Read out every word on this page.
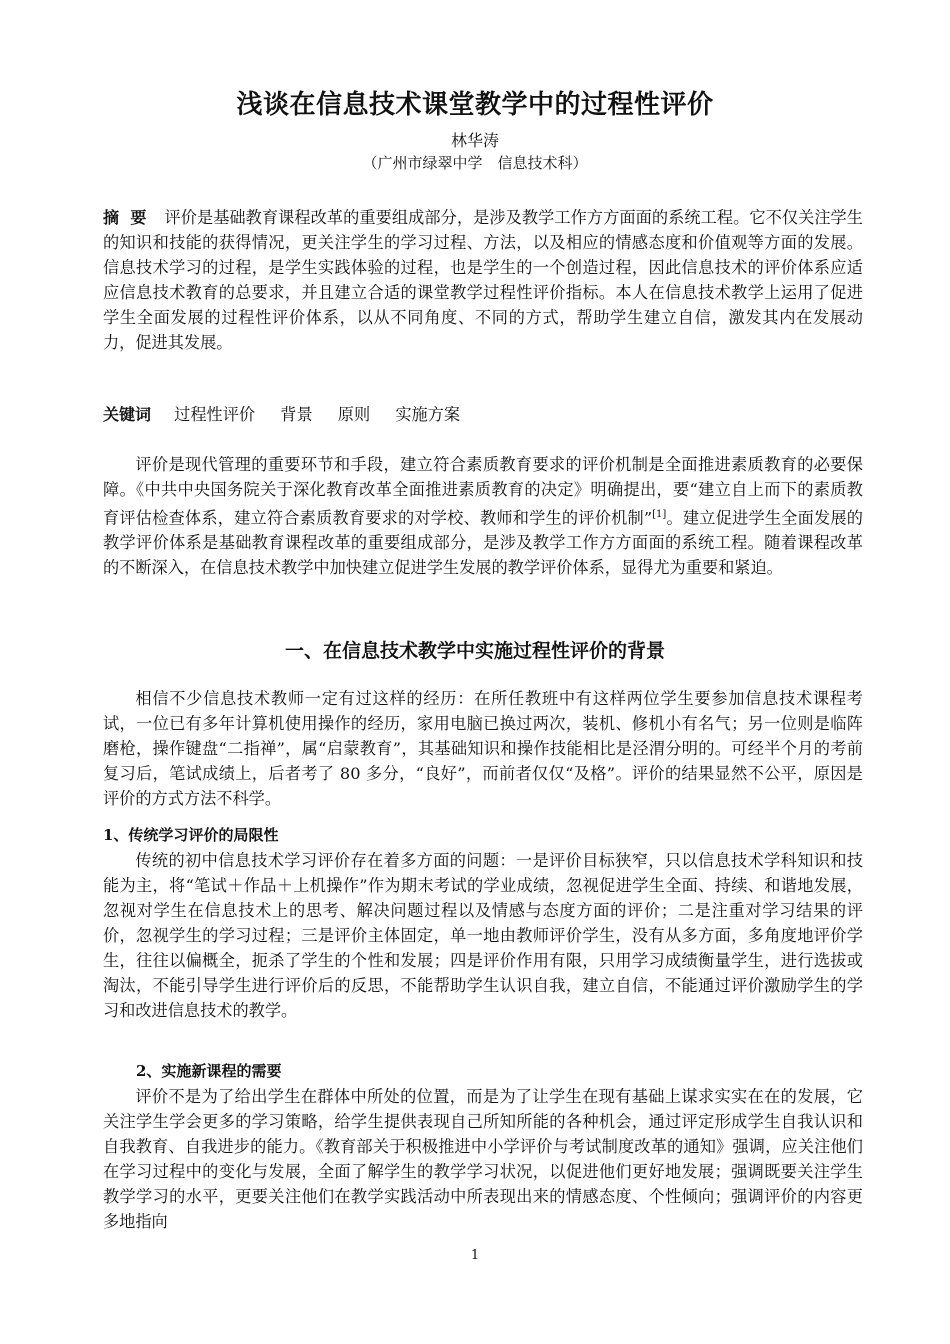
浅谈在信息技术课堂教学中的过程性评价

林华涛

（广州市绿翠中学　信息技术科）

摘  要 评价是基础教育课程改革的重要组成部分，是涉及教学工作方方面面的系统工程。它不仅关注学生的知识和技能的获得情况，更关注学生的学习过程、方法，以及相应的情感态度和价值观等方面的发展。信息技术学习的过程，是学生实践体验的过程，也是学生的一个创造过程，因此信息技术的评价体系应适应信息技术教育的总要求，并且建立合适的课堂教学过程性评价指标。本人在信息技术教学上运用了促进学生全面发展的过程性评价体系，以从不同角度、不同的方式，帮助学生建立自信，激发其内在发展动力，促进其发展。

关键词 过程性评价 背景 原则 实施方案

评价是现代管理的重要环节和手段，建立符合素质教育要求的评价机制是全面推进素质教育的必要保障。《中共中央国务院关于深化教育改革全面推进素质教育的决定》明确提出，要“建立自上而下的素质教育评估检查体系，建立符合素质教育要求的对学校、教师和学生的评价机制”[1]。建立促进学生全面发展的教学评价体系是基础教育课程改革的重要组成部分，是涉及教学工作方方面面的系统工程。随着课程改革的不断深入，在信息技术教学中加快建立促进学生发展的教学评价体系，显得尤为重要和紧迫。

一、在信息技术教学中实施过程性评价的背景

相信不少信息技术教师一定有过这样的经历：在所任教班中有这样两位学生要参加信息技术课程考试，一位已有多年计算机使用操作的经历，家用电脑已换过两次，装机、修机小有名气；另一位则是临阵磨枪，操作键盘“二指禅”，属“启蒙教育”，其基础知识和操作技能相比是泾渭分明的。可经半个月的考前复习后，笔试成绩上，后者考了 80 多分，“良好”，而前者仅仅“及格”。评价的结果显然不公平，原因是评价的方式方法不科学。

1、传统学习评价的局限性

传统的初中信息技术学习评价存在着多方面的问题：一是评价目标狭窄，只以信息技术学科知识和技能为主，将“笔试＋作品＋上机操作”作为期末考试的学业成绩，忽视促进学生全面、持续、和谐地发展，忽视对学生在信息技术上的思考、解决问题过程以及情感与态度方面的评价；二是注重对学习结果的评价，忽视学生的学习过程；三是评价主体固定，单一地由教师评价学生，没有从多方面，多角度地评价学生，往往以偏概全，扼杀了学生的个性和发展；四是评价作用有限，只用学习成绩衡量学生，进行选拔或淘汰，不能引导学生进行评价后的反思，不能帮助学生认识自我，建立自信，不能通过评价激励学生的学习和改进信息技术的教学。

2、实施新课程的需要

评价不是为了给出学生在群体中所处的位置，而是为了让学生在现有基础上谋求实实在在的发展，它关注学生学会更多的学习策略，给学生提供表现自己所知所能的各种机会，通过评定形成学生自我认识和自我教育、自我进步的能力。《教育部关于积极推进中小学评价与考试制度改革的通知》强调，应关注他们在学习过程中的变化与发展，全面了解学生的教学学习状况，以促进他们更好地发展；强调既要关注学生教学学习的水平，更要关注他们在教学实践活动中所表现出来的情感态度、个性倾向；强调评价的内容更多地指向

1
